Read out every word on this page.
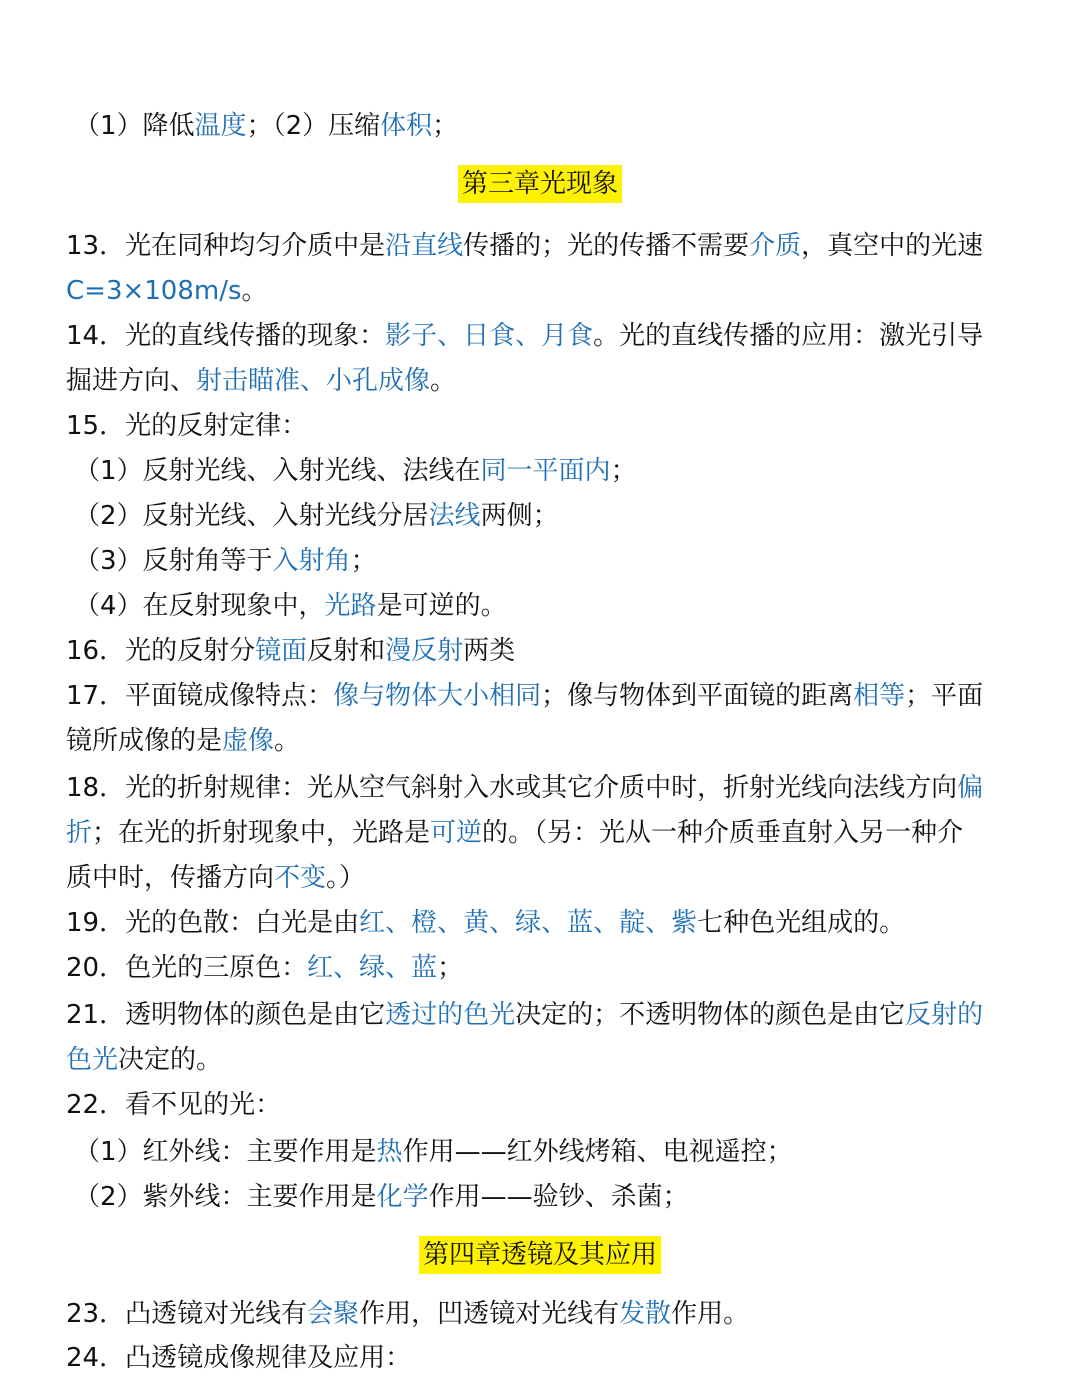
（1）降低温度；（2）压缩体积；
13．光在同种均匀介质中是沿直线传播的；光的传播不需要介质，真空中的光速
C=3×108m/s。
14．光的直线传播的现象：影子、日食、月食。光的直线传播的应用：激光引导
掘进方向、射击瞄准、小孔成像。
15．光的反射定律：
（1）反射光线、入射光线、法线在同一平面内；
（2）反射光线、入射光线分居法线两侧；
（3）反射角等于入射角；
（4）在反射现象中，光路是可逆的。
16．光的反射分镜面反射和漫反射两类
17．平面镜成像特点：像与物体大小相同；像与物体到平面镜的距离相等；平面
镜所成像的是虚像。
18．光的折射规律：光从空气斜射入水或其它介质中时，折射光线向法线方向偏
折；在光的折射现象中，光路是可逆的。（另：光从一种介质垂直射入另一种介
质中时，传播方向不变。）
19．光的色散：白光是由红、橙、黄、绿、蓝、靛、紫七种色光组成的。
20．色光的三原色：红、绿、蓝；
21．透明物体的颜色是由它透过的色光决定的；不透明物体的颜色是由它反射的
色光决定的。
22．看不见的光：
（1）红外线：主要作用是热作用——红外线烤箱、电视遥控；
（2）紫外线：主要作用是化学作用——验钞、杀菌；
23．凸透镜对光线有会聚作用，凹透镜对光线有发散作用。
24．凸透镜成像规律及应用：
第三章光现象
第四章透镜及其应用
